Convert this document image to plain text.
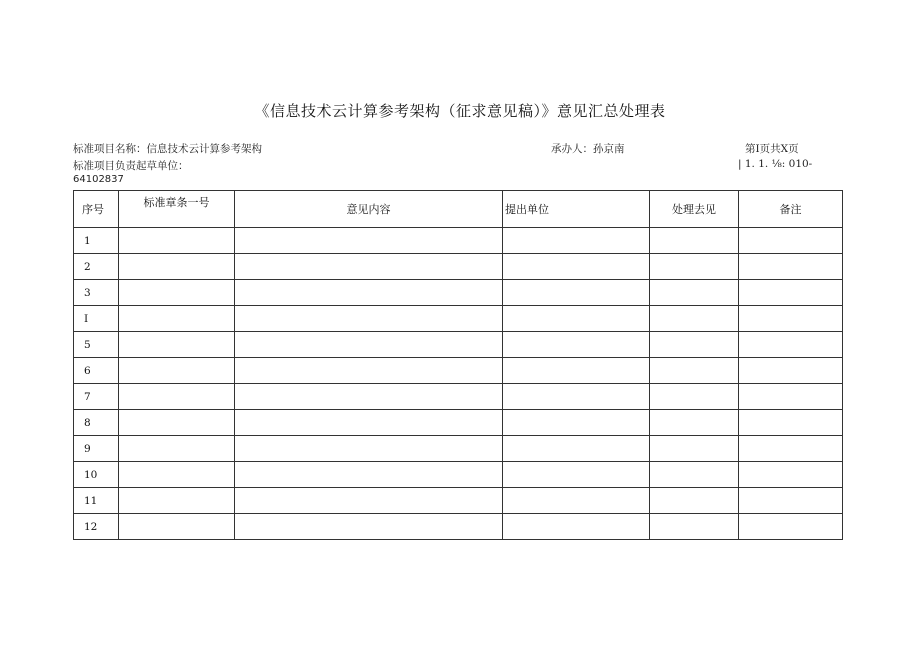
《信息技术云计算参考架构（征求意见稿）》意见汇总处理表
标准项目名称：信息技术云计算参考架构	承办人：孙京南	第I页共X页
标准项目负责起草单位：	| 1. 1. ⅛: 010-
64102837
序号	标准章条一号	意见内容	提出单位	处理去见	备注
1					
2					
3					
I					
5					
6					
7					
8					
9					
10					
11					
12					
